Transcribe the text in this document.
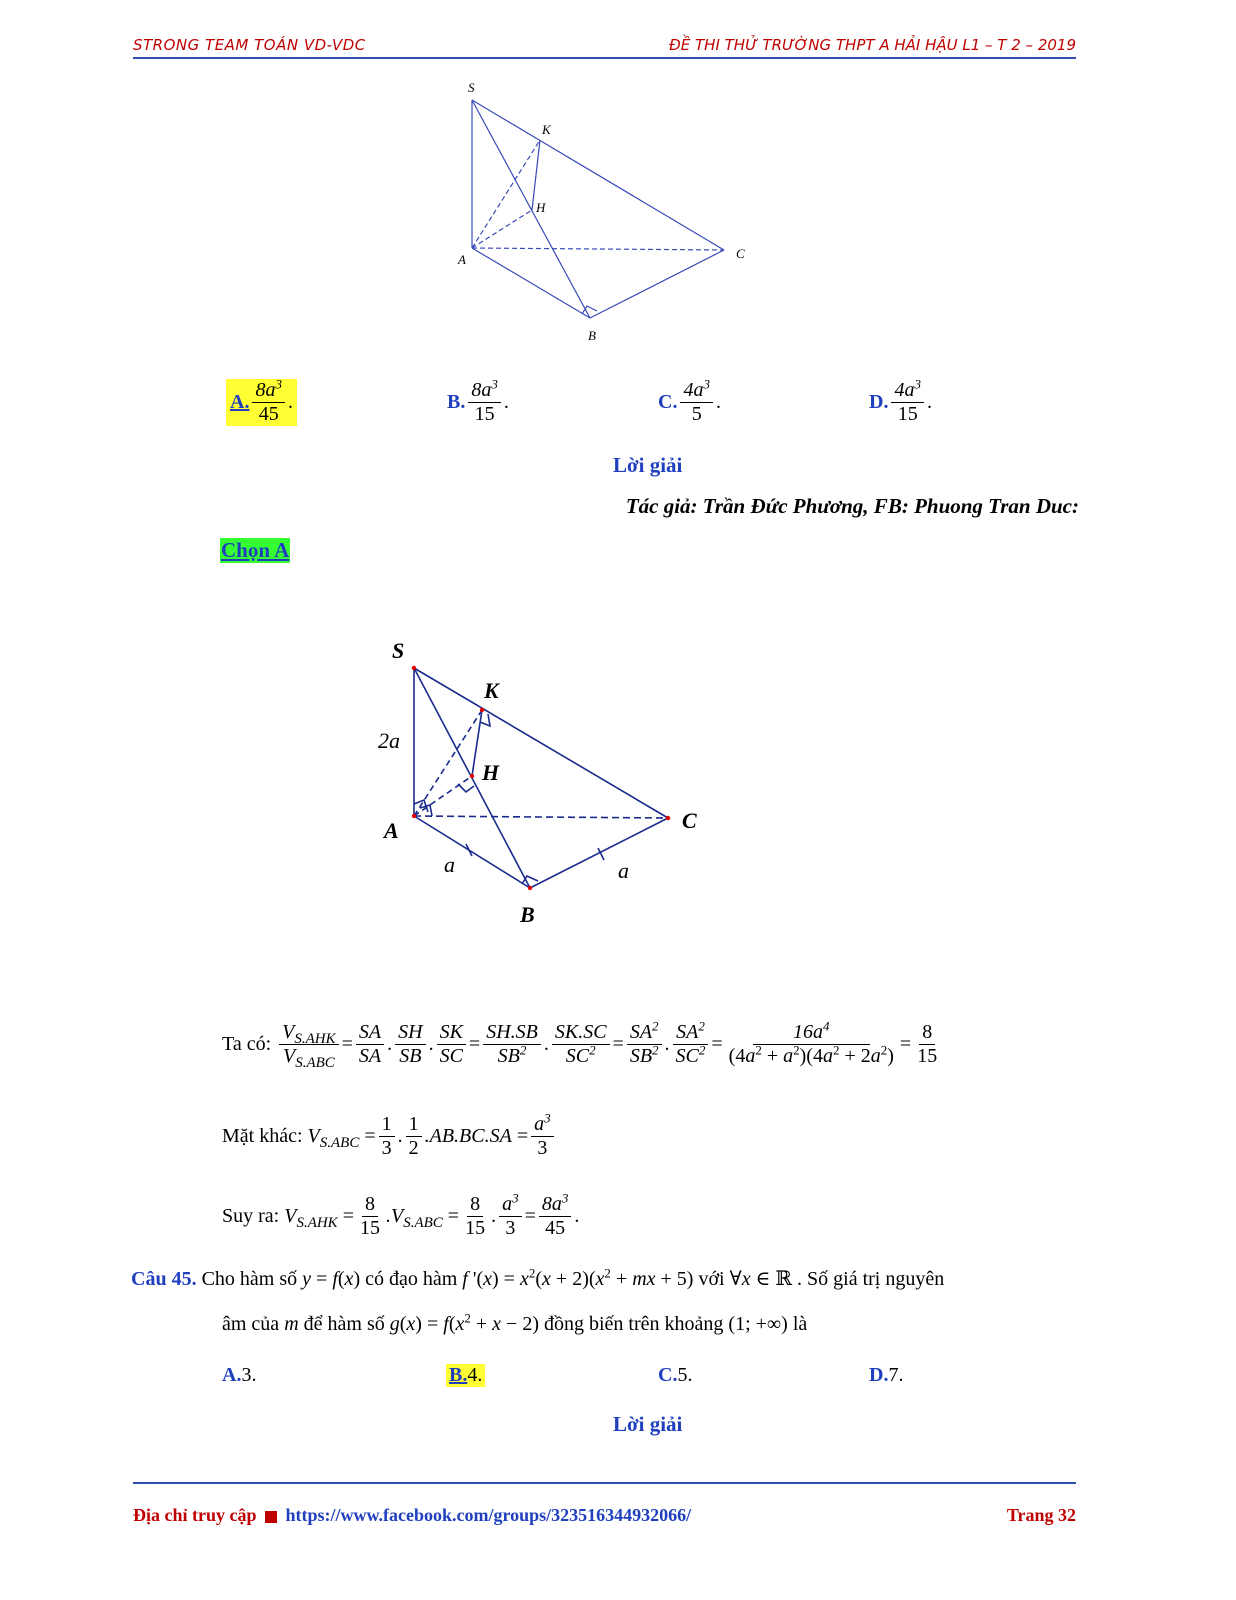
STRONG TEAM TOÁN VD-VDC	ĐỀ THI THỬ TRƯỜNG THPT A HẢI HẬU L1 – T 2 – 2019
S
K
H
A	C
B
A. $\frac{8a^3}{45}$ .	B. $\frac{8a^3}{15}$ .	C. $\frac{4a^3}{5}$ .	D. $\frac{4a^3}{15}$ .
Lời giải
Tác giả: Trần Đức Phương, FB: Phuong Tran Duc:
Chọn A
S
K
H
A	C
B
2a
a	a
Ta có:
$\frac{V_{S.AHK}}{V_{S.ABC}} = \frac{SA}{SA}$ . $\frac{SH}{SB}$ . $\frac{SK}{SC} = \frac{SH.SB}{SB^2}$ . $\frac{SK.SC}{SC^2} = \frac{SA^2}{SB^2}$ . $\frac{SA^2}{SC^2} = \frac{16a^4}{(4a^2 + a^2)(4a^2 + 2a^2)} = \frac{8}{15}$
Mặt khác:
$V_{S.ABC} = \frac{1}{3}$ . $\frac{1}{2} .AB.BC.SA = \frac{a^3}{3}$
Suy ra:
$V_{S.AHK} = \frac{8}{15} .V_{S.ABC} = \frac{8}{15}$ . $\frac{a^3}{3} = \frac{8a^3}{45}$ .
Câu 45. Cho hàm số y = f(x) có đạo hàm f '$(x) = x^2(x + 2)(x^2$ + mx + 5) với ∀x ∈ ℝ . Số giá trị nguyên
âm của m để hàm số $g(x) = f(x^2 + x - 2)$ đồng biến trên khoảng (1; +∞) là
A. 3 .	B.4.	C. 5 .	D. 7 .
Lời giải
Địa chỉ truy cập https://www.facebook.com/groups/323516344932066/	Trang 32
